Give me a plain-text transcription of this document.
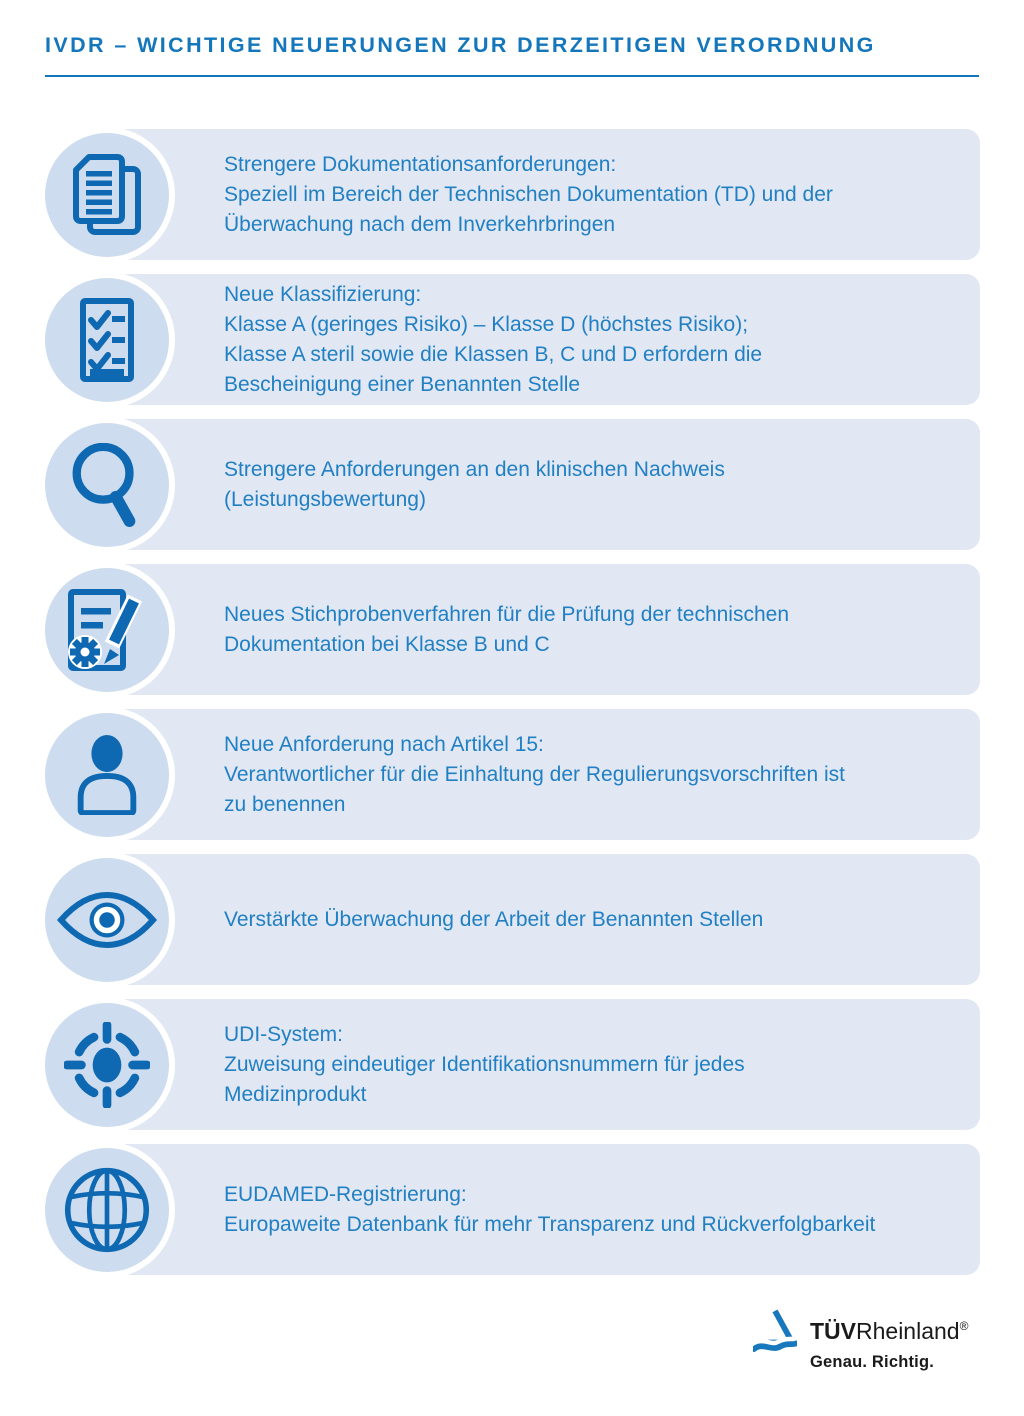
IVDR – WICHTIGE NEUERUNGEN ZUR DERZEITIGEN VERORDNUNG
Strengere Dokumentationsanforderungen:
Speziell im Bereich der Technischen Dokumentation (TD) und der
Überwachung nach dem Inverkehrbringen
Neue Klassifizierung:
Klasse A (geringes Risiko) – Klasse D (höchstes Risiko);
Klasse A steril sowie die Klassen B, C und D erfordern die
Bescheinigung einer Benannten Stelle
Strengere Anforderungen an den klinischen Nachweis
(Leistungsbewertung)
Neues Stichprobenverfahren für die Prüfung der technischen
Dokumentation bei Klasse B und C
Neue Anforderung nach Artikel 15:
Verantwortlicher für die Einhaltung der Regulierungsvorschriften ist
zu benennen
Verstärkte Überwachung der Arbeit der Benannten Stellen
UDI-System:
Zuweisung eindeutiger Identifikationsnummern für jedes
Medizinprodukt
EUDAMED-Registrierung:
Europaweite Datenbank für mehr Transparenz und Rückverfolgbarkeit
TÜVRheinland®
Genau. Richtig.
